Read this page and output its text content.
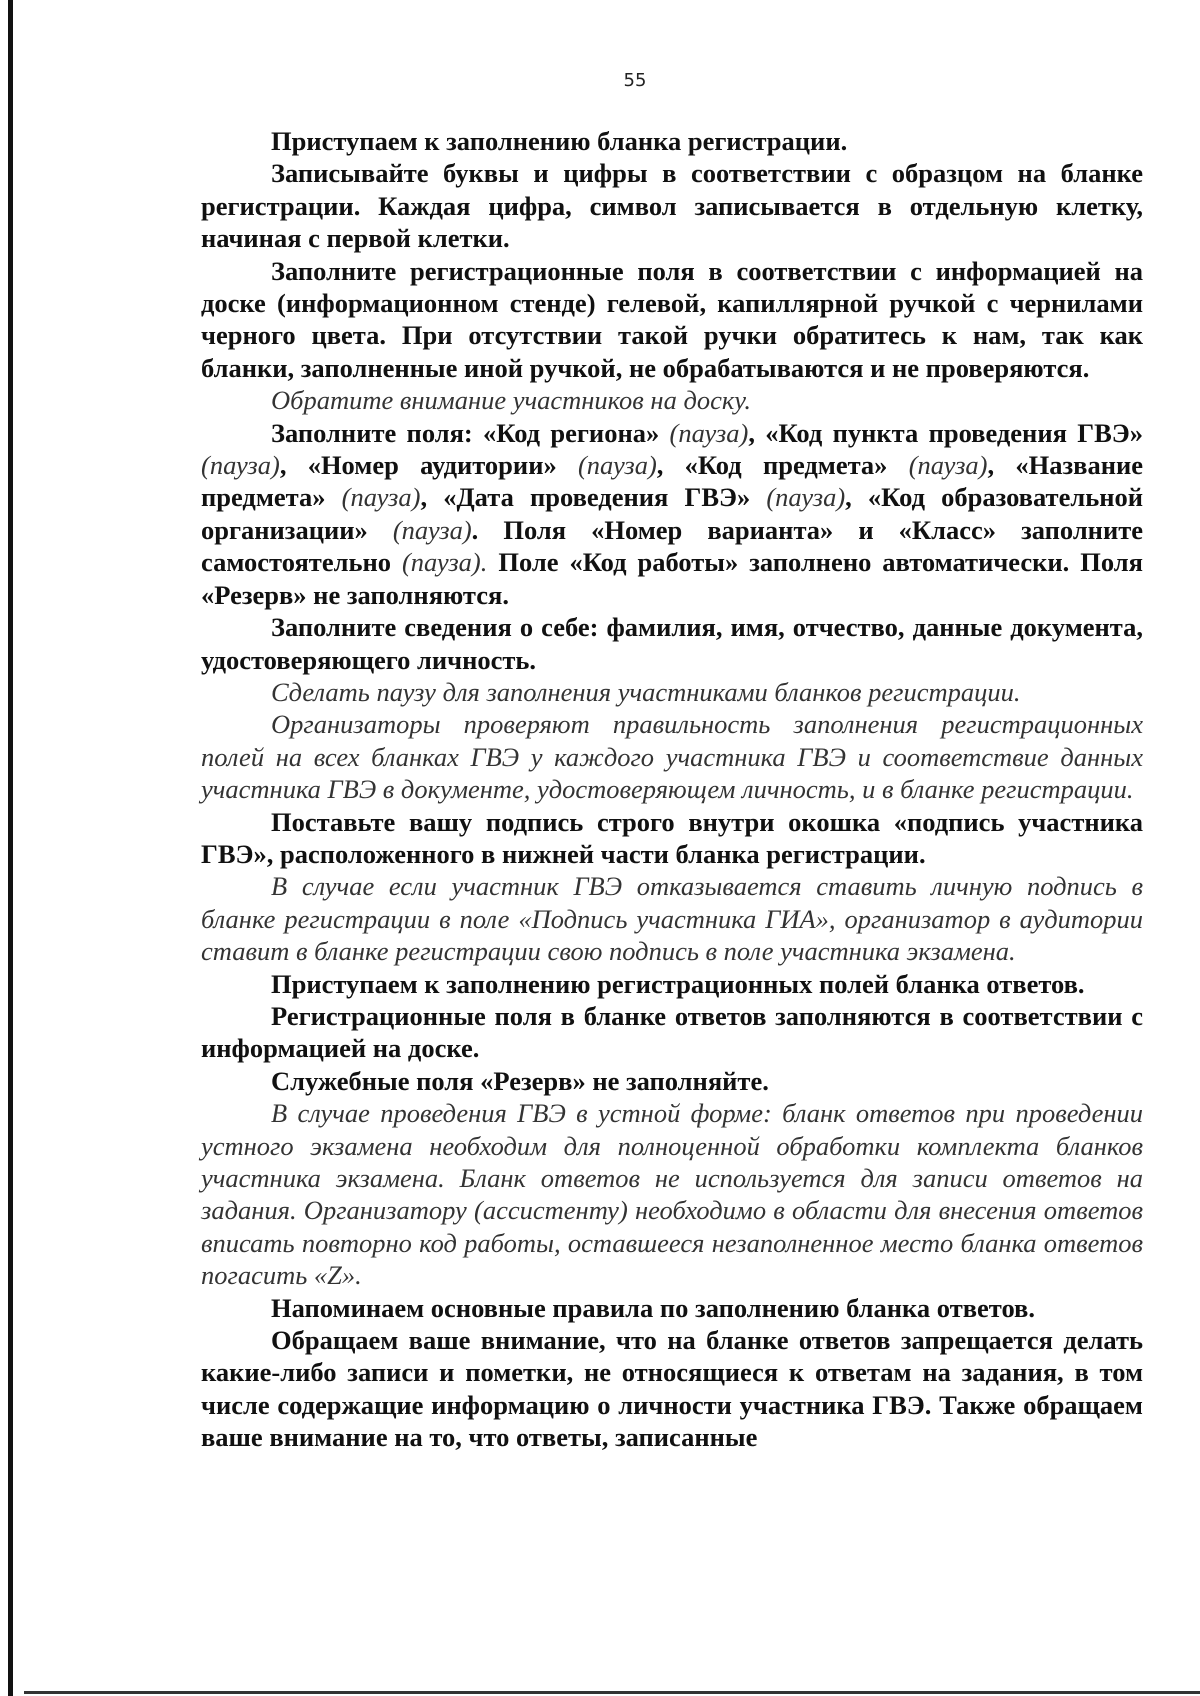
55

Приступаем к заполнению бланка регистрации.

Записывайте буквы и цифры в соответствии с образцом на бланке регистрации. Каждая цифра, символ записывается в отдельную клетку, начиная с первой клетки.

Заполните регистрационные поля в соответствии с информацией на доске (информационном стенде) гелевой, капиллярной ручкой с чернилами черного цвета. При отсутствии такой ручки обратитесь к нам, так как бланки, заполненные иной ручкой, не обрабатываются и не проверяются.

Обратите внимание участников на доску.

Заполните поля: «Код региона» (пауза), «Код пункта проведения ГВЭ» (пауза), «Номер аудитории» (пауза), «Код предмета» (пауза), «Название предмета» (пауза), «Дата проведения ГВЭ» (пауза), «Код образовательной организации» (пауза). Поля «Номер варианта» и «Класс» заполните самостоятельно (пауза). Поле «Код работы» заполнено автоматически. Поля «Резерв» не заполняются.

Заполните сведения о себе: фамилия, имя, отчество, данные документа, удостоверяющего личность.

Сделать паузу для заполнения участниками бланков регистрации.

Организаторы проверяют правильность заполнения регистрационных полей на всех бланках ГВЭ у каждого участника ГВЭ и соответствие данных участника ГВЭ в документе, удостоверяющем личность, и в бланке регистрации.

Поставьте вашу подпись строго внутри окошка «подпись участника ГВЭ», расположенного в нижней части бланка регистрации.

В случае если участник ГВЭ отказывается ставить личную подпись в бланке регистрации в поле «Подпись участника ГИА», организатор в аудитории ставит в бланке регистрации свою подпись в поле участника экзамена.

Приступаем к заполнению регистрационных полей бланка ответов.

Регистрационные поля в бланке ответов заполняются в соответствии с информацией на доске.

Служебные поля «Резерв» не заполняйте.

В случае проведения ГВЭ в устной форме: бланк ответов при проведении устного экзамена необходим для полноценной обработки комплекта бланков участника экзамена. Бланк ответов не используется для записи ответов на задания. Организатору (ассистенту) необходимо в области для внесения ответов вписать повторно код работы, оставшееся незаполненное место бланка ответов погасить «Z».

Напоминаем основные правила по заполнению бланка ответов.

Обращаем ваше внимание, что на бланке ответов запрещается делать какие-либо записи и пометки, не относящиеся к ответам на задания, в том числе содержащие информацию о личности участника ГВЭ. Также обращаем ваше внимание на то, что ответы, записанные
